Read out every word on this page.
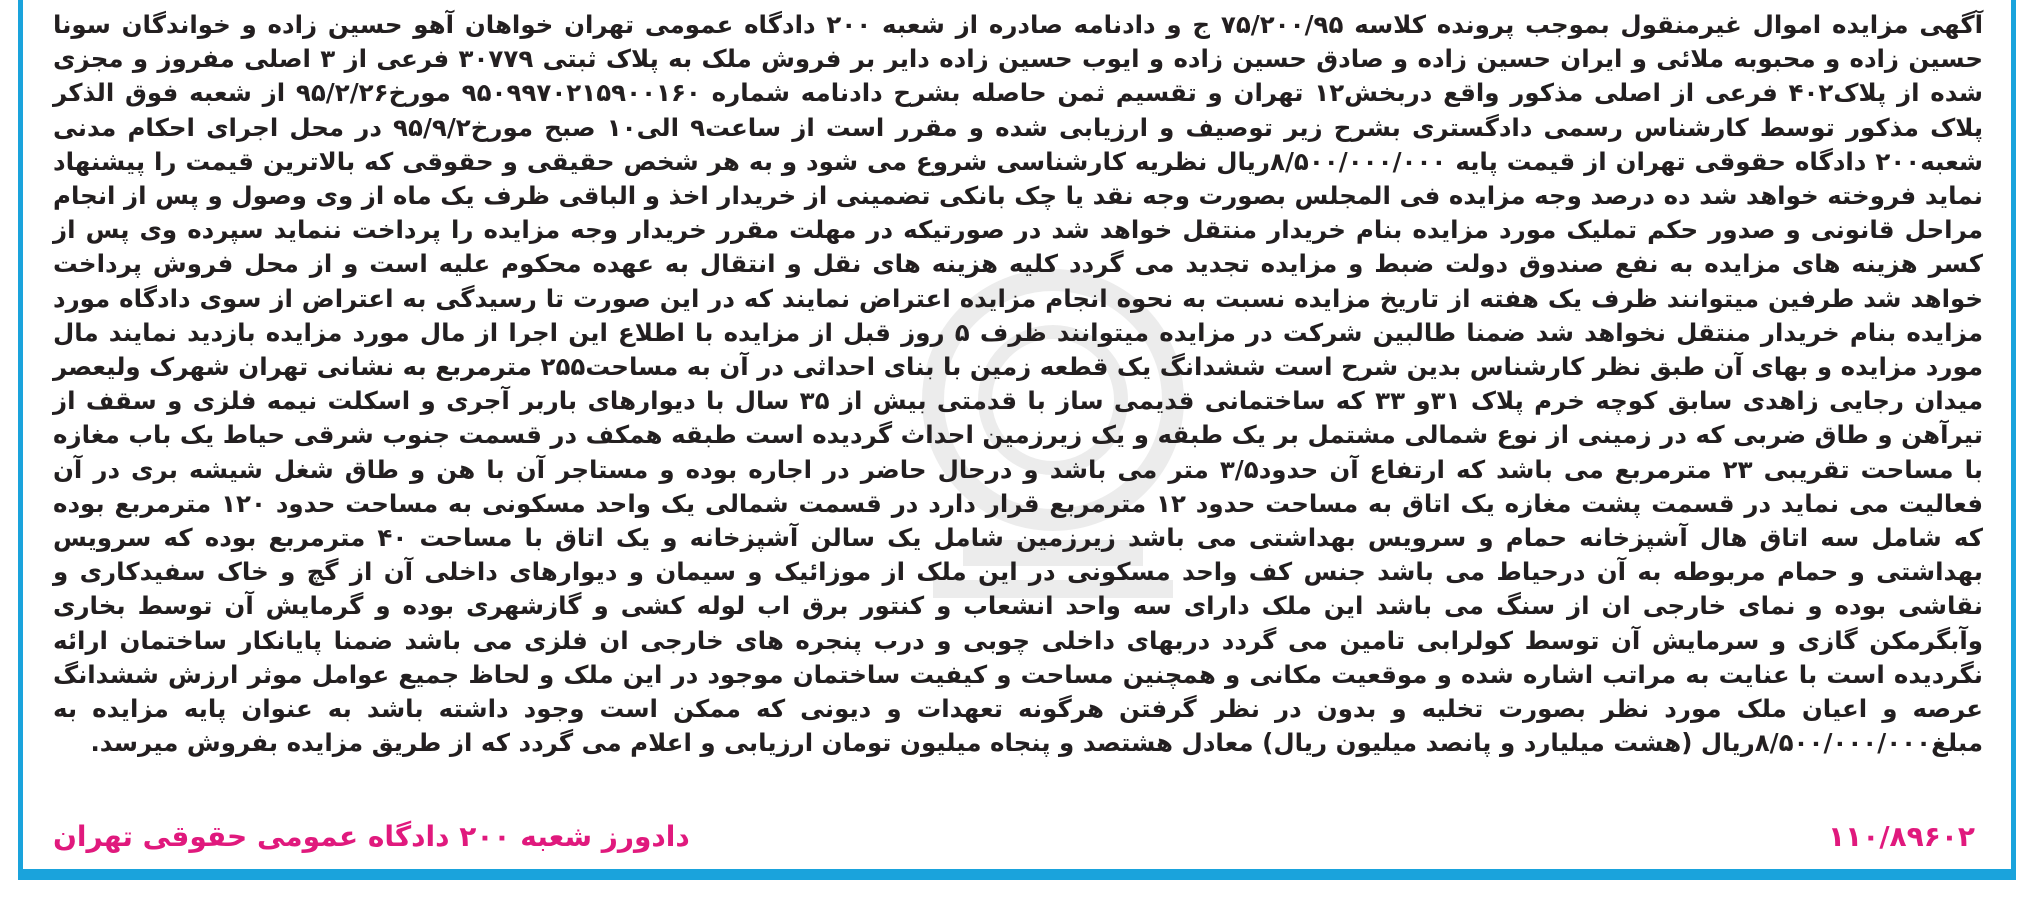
آگهی مزایده اموال غیرمنقول بموجب پرونده کلاسه ۷۵/۲۰۰/۹۵ ج و دادنامه صادره از شعبه ۲۰۰ دادگاه عمومی تهران خواهان آهو حسین زاده و خواندگان سونا حسین زاده و محبوبه ملائی و ایران حسین زاده و صادق حسین زاده و ایوب حسین زاده دایر بر فروش ملک به پلاک ثبتی ۳۰۷۷۹ فرعی از ۳ اصلی مفروز و مجزی شده از پلاک۴۰۲ فرعی از اصلی مذکور واقع دربخش۱۲ تهران و تقسیم ثمن حاصله بشرح دادنامه شماره ۹۵۰۹۹۷۰۲۱۵۹۰۰۱۶۰ مورخ۹۵/۲/۲۶ از شعبه فوق الذکر پلاک مذکور توسط کارشناس رسمی دادگستری بشرح زیر توصیف و ارزیابی شده و مقرر است از ساعت۹ الی۱۰ صبح مورخ۹۵/۹/۲ در محل اجرای احکام مدنی شعبه۲۰۰ دادگاه حقوقی تهران از قیمت پایه ۸/۵۰۰/۰۰۰/۰۰۰ریال نظریه کارشناسی شروع می شود و به هر شخص حقیقی و حقوقی که بالاترین قیمت را پیشنهاد نماید فروخته خواهد شد ده درصد وجه مزایده فی المجلس بصورت وجه نقد یا چک بانکی تضمینی از خریدار اخذ و الباقی ظرف یک ماه از وی وصول و پس از انجام مراحل قانونی و صدور حکم تملیک مورد مزایده بنام خریدار منتقل خواهد شد در صورتیکه در مهلت مقرر خریدار وجه مزایده را پرداخت ننماید سپرده وی پس از کسر هزینه های مزایده به نفع صندوق دولت ضبط و مزایده تجدید می گردد کلیه هزینه های نقل و انتقال به عهده محکوم علیه است و از محل فروش پرداخت خواهد شد طرفین میتوانند ظرف یک هفته از تاریخ مزایده نسبت به نحوه انجام مزایده اعتراض نمایند که در این صورت تا رسیدگی به اعتراض از سوی دادگاه مورد مزایده بنام خریدار منتقل نخواهد شد ضمنا طالبین شرکت در مزایده میتوانند ظرف ۵ روز قبل از مزایده با اطلاع این اجرا از مال مورد مزایده بازدید نمایند مال مورد مزایده و بهای آن طبق نظر کارشناس بدین شرح است ششدانگ یک قطعه زمین با بنای احداثی در آن به مساحت۲۵۵ مترمربع به نشانی تهران شهرک ولیعصر میدان رجایی زاهدی سابق کوچه خرم پلاک ۳۱و ۳۳ که ساختمانی قدیمی ساز با قدمتی بیش از ۳۵ سال با دیوارهای باربر آجری و اسکلت نیمه فلزی و سقف از تیرآهن و طاق ضربی که در زمینی از نوع شمالی مشتمل بر یک طبقه و یک زیرزمین احداث گردیده است طبقه همکف در قسمت جنوب شرقی حیاط یک باب مغازه با مساحت تقریبی ۲۳ مترمربع می باشد که ارتفاع آن حدود۳/۵ متر می باشد و درحال حاضر در اجاره بوده و مستاجر آن با هن و طاق شغل شیشه بری در آن فعالیت می نماید در قسمت پشت مغازه یک اتاق به مساحت حدود ۱۲ مترمربع قرار دارد در قسمت شمالی یک واحد مسکونی به مساحت حدود ۱۲۰ مترمربع بوده که شامل سه اتاق هال آشپزخانه حمام و سرویس بهداشتی می باشد زیرزمین شامل یک سالن آشپزخانه و یک اتاق با مساحت ۴۰ مترمربع بوده که سرویس بهداشتی و حمام مربوطه به آن درحیاط می باشد جنس کف واحد مسکونی در این ملک از موزائیک و سیمان و دیوارهای داخلی آن از گچ و خاک سفیدکاری و نقاشی بوده و نمای خارجی ان از سنگ می باشد این ملک دارای سه واحد انشعاب و کنتور برق اب لوله کشی و گازشهری بوده و گرمایش آن توسط بخاری وآبگرمکن گازی و سرمایش آن توسط کولرابی تامین می گردد دربهای داخلی چوبی و درب پنجره های خارجی ان فلزی می باشد ضمنا پایانکار ساختمان ارائه نگردیده است با عنایت به مراتب اشاره شده و موقعیت مکانی و همچنین مساحت و کیفیت ساختمان موجود در این ملک و لحاظ جمیع عوامل موثر ارزش ششدانگ عرصه و اعیان ملک مورد نظر بصورت تخلیه و بدون در نظر گرفتن هرگونه تعهدات و دیونی که ممکن است وجود داشته باشد به عنوان پایه مزایده به مبلغ۸/۵۰۰/۰۰۰/۰۰۰ریال (هشت میلیارد و پانصد میلیون ریال) معادل هشتصد و پنجاه میلیون تومان ارزیابی و اعلام می گردد که از طریق مزایده بفروش میرسد.

دادورز شعبه ۲۰۰ دادگاه عمومی حقوقی تهران	۱۱۰/۸۹۶۰۲
